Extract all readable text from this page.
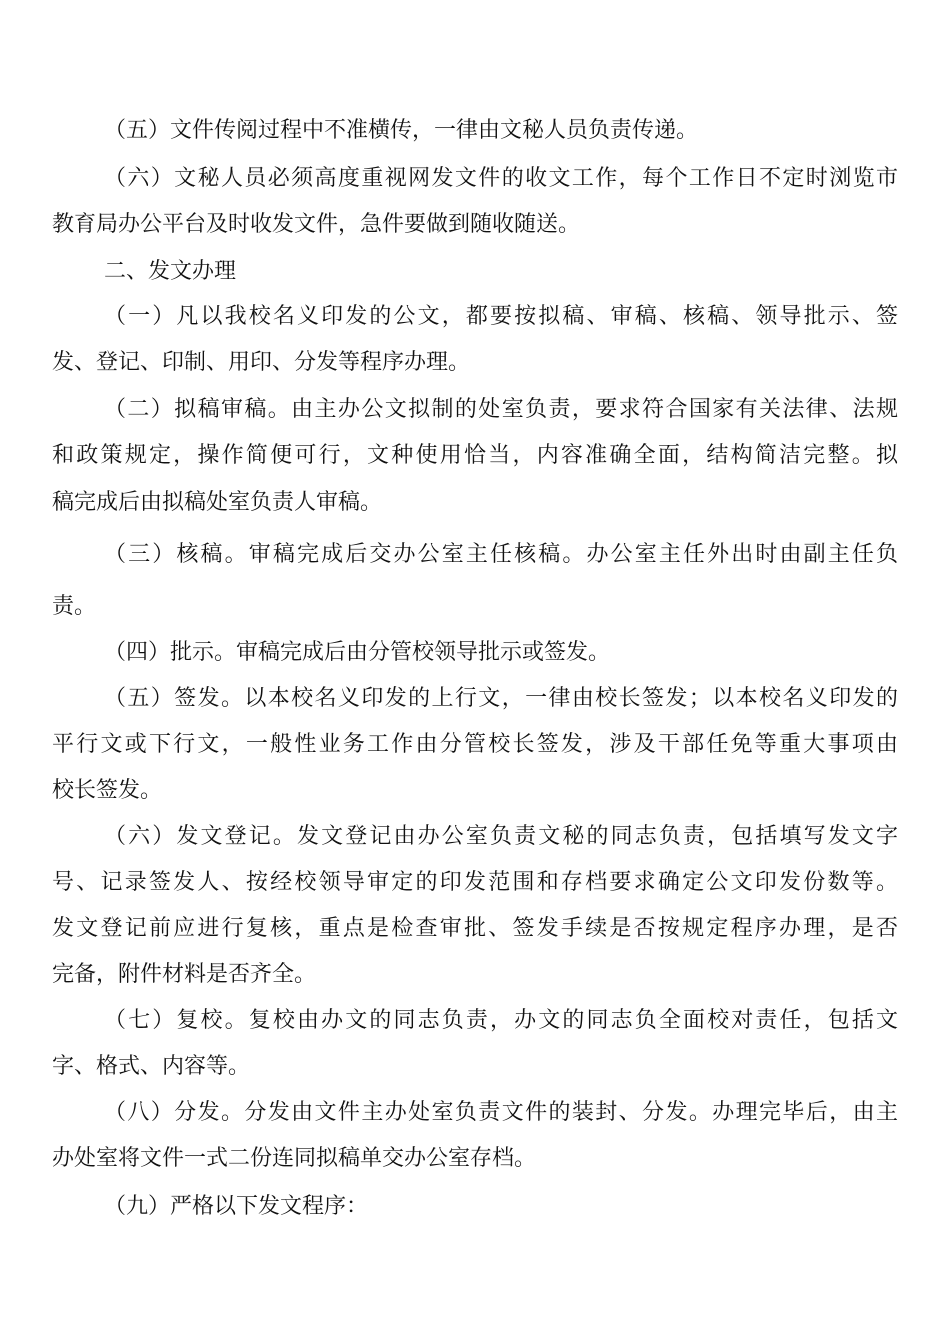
（五）文件传阅过程中不准横传，一律由文秘人员负责传递。
（六）文秘人员必须高度重视网发文件的收文工作，每个工作日不定时浏览市
教育局办公平台及时收发文件，急件要做到随收随送。
二、发文办理
（一）凡以我校名义印发的公文，都要按拟稿、审稿、核稿、领导批示、签
发、登记、印制、用印、分发等程序办理。
（二）拟稿审稿。由主办公文拟制的处室负责，要求符合国家有关法律、法规
和政策规定，操作简便可行，文种使用恰当，内容准确全面，结构简洁完整。拟
稿完成后由拟稿处室负责人审稿。
（三）核稿。审稿完成后交办公室主任核稿。办公室主任外出时由副主任负
责。
（四）批示。审稿完成后由分管校领导批示或签发。
（五）签发。以本校名义印发的上行文，一律由校长签发；以本校名义印发的
平行文或下行文，一般性业务工作由分管校长签发，涉及干部任免等重大事项由
校长签发。
（六）发文登记。发文登记由办公室负责文秘的同志负责，包括填写发文字
号、记录签发人、按经校领导审定的印发范围和存档要求确定公文印发份数等。
发文登记前应进行复核，重点是检查审批、签发手续是否按规定程序办理，是否
完备，附件材料是否齐全。
（七）复校。复校由办文的同志负责，办文的同志负全面校对责任，包括文
字、格式、内容等。
（八）分发。分发由文件主办处室负责文件的装封、分发。办理完毕后，由主
办处室将文件一式二份连同拟稿单交办公室存档。
（九）严格以下发文程序：
